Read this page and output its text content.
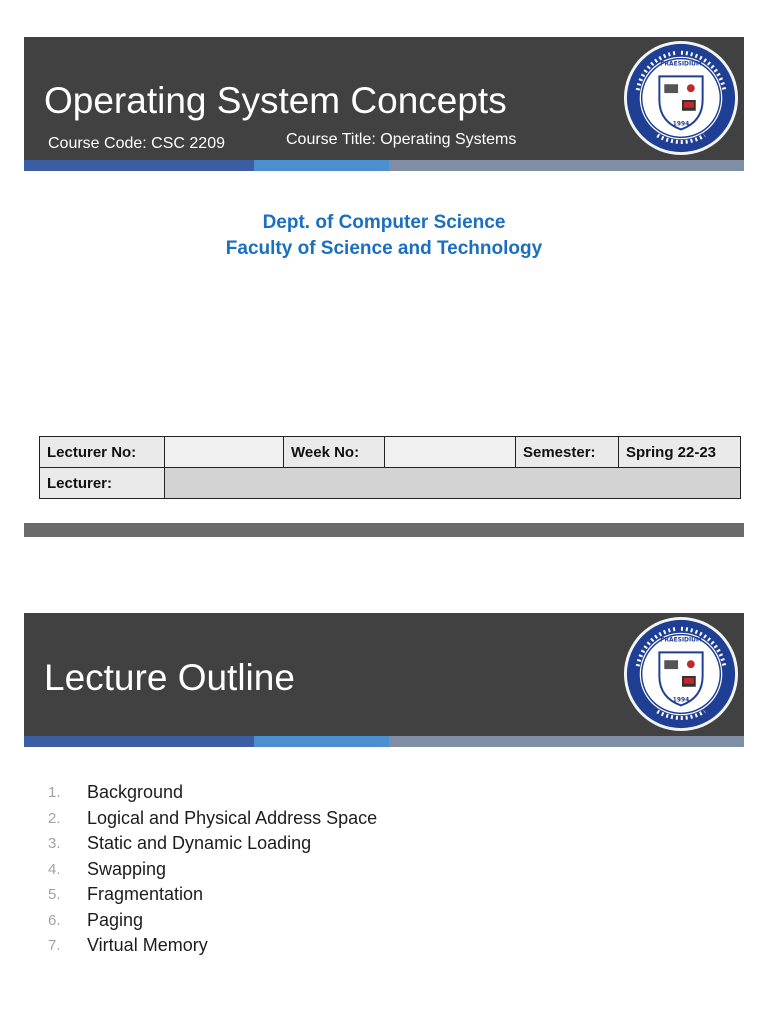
Operating System Concepts
Course Code: CSC 2209	Course Title: Operating Systems
PRAESIDIUM
1994
Dept. of Computer Science
Faculty of Science and Technology
Lecturer No:		Week No:		Semester:	Spring 22-23
Lecturer:					
Lecture Outline
PRAESIDIUM
1994
1.	Background
2.	Logical and Physical Address Space
3.	Static and Dynamic Loading
4.	Swapping
5.	Fragmentation
6.	Paging
7.	Virtual Memory
